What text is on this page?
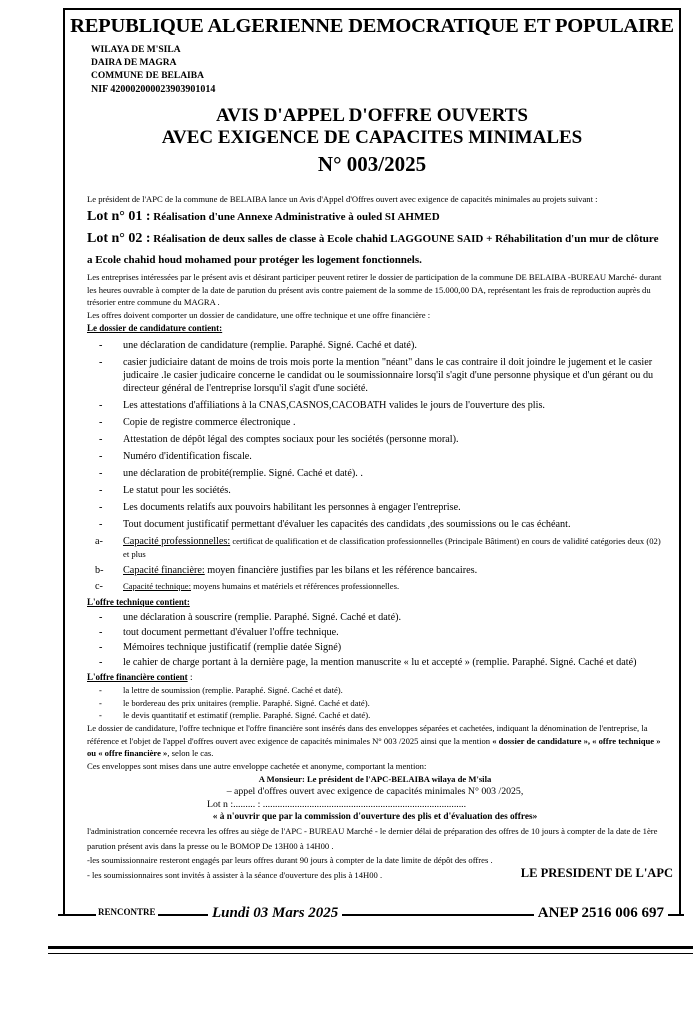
REPUBLIQUE ALGERIENNE DEMOCRATIQUE ET POPULAIRE
WILAYA DE M'SILA
DAIRA DE MAGRA
COMMUNE DE BELAIBA
NIF 420002000023903901014
AVIS D'APPEL D'OFFRE OUVERTS
AVEC EXIGENCE DE CAPACITES MINIMALES
N° 003/2025
Le président de l'APC de la commune de BELAIBA lance un Avis d'Appel d'Offres ouvert avec exigence de capacités minimales au projets suivant :
Lot n° 01 : Réalisation d'une Annexe Administrative à ouled SI AHMED
Lot n° 02 : Réalisation de deux salles de classe à Ecole chahid LAGGOUNE SAID + Réhabilitation d'un mur de clôture a Ecole chahid houd mohamed pour protéger les logement fonctionnels.
Les entreprises intéressées par le présent avis et désirant participer peuvent retirer le dossier de participation de la commune DE BELAIBA -BUREAU Marché- durant les heures ouvrable à compter de la date de parution du présent avis contre paiement de la somme de 15.000,00 DA, représentant les frais de reproduction auprès du trésorier entre commune du MAGRA .
Les offres doivent comporter un dossier de candidature, une offre technique et une offre financière :
Le dossier de candidature contient:
- une déclaration de candidature (remplie. Paraphé. Signé. Caché et daté).
- casier judiciaire datant de moins de trois mois porte la mention "néant" dans le cas contraire il doit joindre le jugement et le casier judicaire .le casier judicaire concerne le candidat ou le soumissionnaire lorsq'il s'agit d'une personne physique et d'un gérant ou du directeur général de l'entreprise lorsqu'il s'agit d'une société.
- Les attestations d'affiliations à la CNAS,CASNOS,CACOBATH valides le jours de l'ouverture des plis.
- Copie de registre commerce électronique .
- Attestation de dépôt légal des comptes sociaux pour les sociétés (personne moral).
- Numéro d'identification fiscale.
- une déclaration de probité(remplie. Signé. Caché et daté). .
- Le statut pour les sociétés.
- Les documents relatifs aux pouvoirs habilitant les personnes à engager l'entreprise.
- Tout document justificatif permettant d'évaluer les capacités des candidats ,des soumissions ou le cas échéant.
a- Capacité professionnelles: certificat de qualification et de classification professionnelles (Principale Bâtiment) en cours de validité catégories deux (02) et plus
b- Capacité financière: moyen financière justifies par les bilans et les référence bancaires.
c- Capacité technique: moyens humains et matériels et références professionnelles.
L'offre technique contient:
- une déclaration à souscrire (remplie. Paraphé. Signé. Caché et daté).
- tout document permettant d'évaluer l'offre technique.
- Mémoires technique justificatif (remplie datée Signé)
- le cahier de charge portant à la dernière page, la mention manuscrite « lu et accepté » (remplie. Paraphé. Signé. Caché et daté)
L'offre financière contient :
- la lettre de soumission (remplie. Paraphé. Signé. Caché et daté).
- le bordereau des prix unitaires (remplie. Paraphé. Signé. Caché et daté).
- le devis quantitatif et estimatif (remplie. Paraphé. Signé. Caché et daté).
Le dossier de candidature, l'offre technique et l'offre financière sont insérés dans des enveloppes séparées et cachetées, indiquant la dénomination de l'entreprise, la référence et l'objet de l'appel d'offres ouvert avec exigence de capacités minimales N° 003 /2025 ainsi que la mention « dossier de candidature », « offre technique » ou « offre financière », selon le cas.
Ces enveloppes sont mises dans une autre enveloppe cachetée et anonyme, comportant la mention:
A Monsieur: Le président de l'APC-BELAIBA wilaya de M'sila
– appel d'offres ouvert avec exigence de capacités minimales N° 003 /2025,
Lot n :......... : ...................................................................................
« à n'ouvrir que par la commission d'ouverture des plis et d'évaluation des offres»
l'administration concernée recevra les offres au siège de l'APC - BUREAU Marché - le dernier délai de préparation des offres de 10 jours à compter de la date de 1ère parution présent avis dans la presse ou le BOMOP De 13H00 à 14H00 .
-les soumissionnaire resteront engagés par leurs offres durant 90 jours à compter de la date limite de dépôt des offres .
- les soumissionnaires sont invités à assister à la séance d'ouverture des plis à 14H00 .	LE PRESIDENT DE L'APC
RENCONTRE	Lundi 03 Mars 2025	ANEP 2516 006 697
